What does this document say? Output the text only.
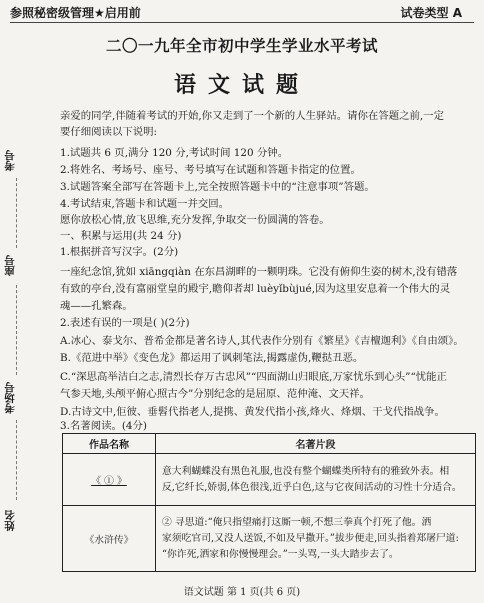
参照秘密级管理★启用前	试卷类型 A
二〇一九年全市初中学生学业水平考试
语文试题
考号
座号
考场号
姓名
亲爱的同学,伴随着考试的开始,你又走到了一个新的人生驿站。请你在答题之前,一定
要仔细阅读以下说明:
1.试题共 6 页,满分 120 分,考试时间 120 分钟。
2.将姓名、考场号、座号、考号填写在试题和答题卡指定的位置。
3.试题答案全部写在答题卡上,完全按照答题卡中的“注意事项”答题。
4.考试结束,答题卡和试题一并交回。
愿你放松心情,放飞思维,充分发挥,争取交一份圆满的答卷。
一、积累与运用(共 24 分)
1.根据拼音写汉字。(2分)
一座纪念馆,犹如 xiāngqiàn 在东昌湖畔的一颗明珠。它没有俯仰生姿的树木,没有错落
有致的亭台,没有富丽堂皇的殿宇,瞻仰者却 luèyǐbùjué,因为这里安息着一个伟大的灵
魂——孔繁森。
2.表述有误的一项是( )(2分)
A.冰心、泰戈尔、普希金都是著名诗人,其代表作分别有《繁星》《吉檀迦利》《自由颂》。
B.《范进中举》《变色龙》都运用了讽刺笔法,揭露虚伪,鞭挞丑恶。
C.“深思高举洁白之志,清烈长存万古忠风”“四面湖山归眼底,万家忧乐到心头”“忧能正
气参天地,头颅平俯心照古今”分别纪念的是屈原、范仲淹、文天祥。
D.古诗文中,佢彼、垂髫代指老人,提携、黄发代指小孩,烽火、烽烟、干戈代指战争。
3.名著阅读。(4分)
作品名称	名著片段
《 ① 》	意大利蝴蝶没有黑色礼服,也没有整个蝴蝶类所特有的雅致外表。相
反,它纤长,娇弱,体色很浅,近乎白色,这与它夜间活动的习性十分适合。

《水浒传》	② 寻思道:“俺只指望痛打这厮一顿,不想三拳真个打死了他。洒
家须吃官司,又没人送饭,不如及早撒开。”拔步便走,回头指着郑屠尸道:
“你诈死,洒家和你慢慢理会。”一头骂,一头大踏步去了。
语文试题 第 1 页(共 6 页)
